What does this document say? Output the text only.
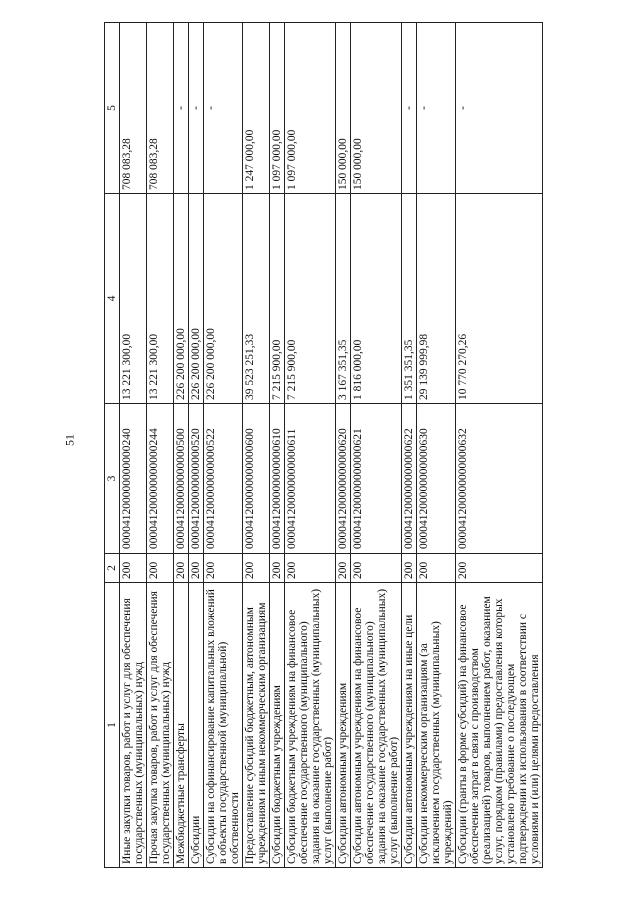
51
1	2	3	4	5
Иные закупки товаров, работ и услуг для обеспечения государственных (муниципальных) нужд	200	000041200000000000240	13 221 300,00	708 083,28
Прочая закупка товаров, работ и услуг для обеспечения государственных (муниципальных) нужд	200	000041200000000000244	13 221 300,00	708 083,28
Межбюджетные трансферты	200	000041200000000000500	226 200 000,00	-
Субсидии	200	000041200000000000520	226 200 000,00	-
Субсидии на софинансирование капитальных вложений в объекты государственной (муниципальной) собственности	200	000041200000000000522	226 200 000,00	-
Предоставление субсидий бюджетным, автономным учреждениям и иным некоммерческим организациям	200	000041200000000000600	39 523 251,33	1 247 000,00
Субсидии бюджетным учреждениям	200	000041200000000000610	7 215 900,00	1 097 000,00
Субсидии бюджетным учреждениям на финансовое обеспечение государственного (муниципального) задания на оказание государственных (муниципальных) услуг (выполнение работ)	200	000041200000000000611	7 215 900,00	1 097 000,00
Субсидии автономным учреждениям	200	000041200000000000620	3 167 351,35	150 000,00
Субсидии автономным учреждениям на финансовое обеспечение государственного (муниципального) задания на оказание государственных (муниципальных) услуг (выполнение работ)	200	000041200000000000621	1 816 000,00	150 000,00
Субсидии автономным учреждениям на иные цели	200	000041200000000000622	1 351 351,35	-
Субсидии некоммерческим организациям (за исключением государственных (муниципальных) учреждений)	200	000041200000000000630	29 139 999,98	-
Субсидии (гранты в форме субсидий) на финансовое обеспечение затрат в связи с производством (реализацией) товаров, выполнением работ, оказанием услуг, порядком (правилами) предоставления которых установлено требование о последующем подтверждении их использования в соответствии с условиями и (или) целями предоставления	200	000041200000000000632	10 770 270,26	-
